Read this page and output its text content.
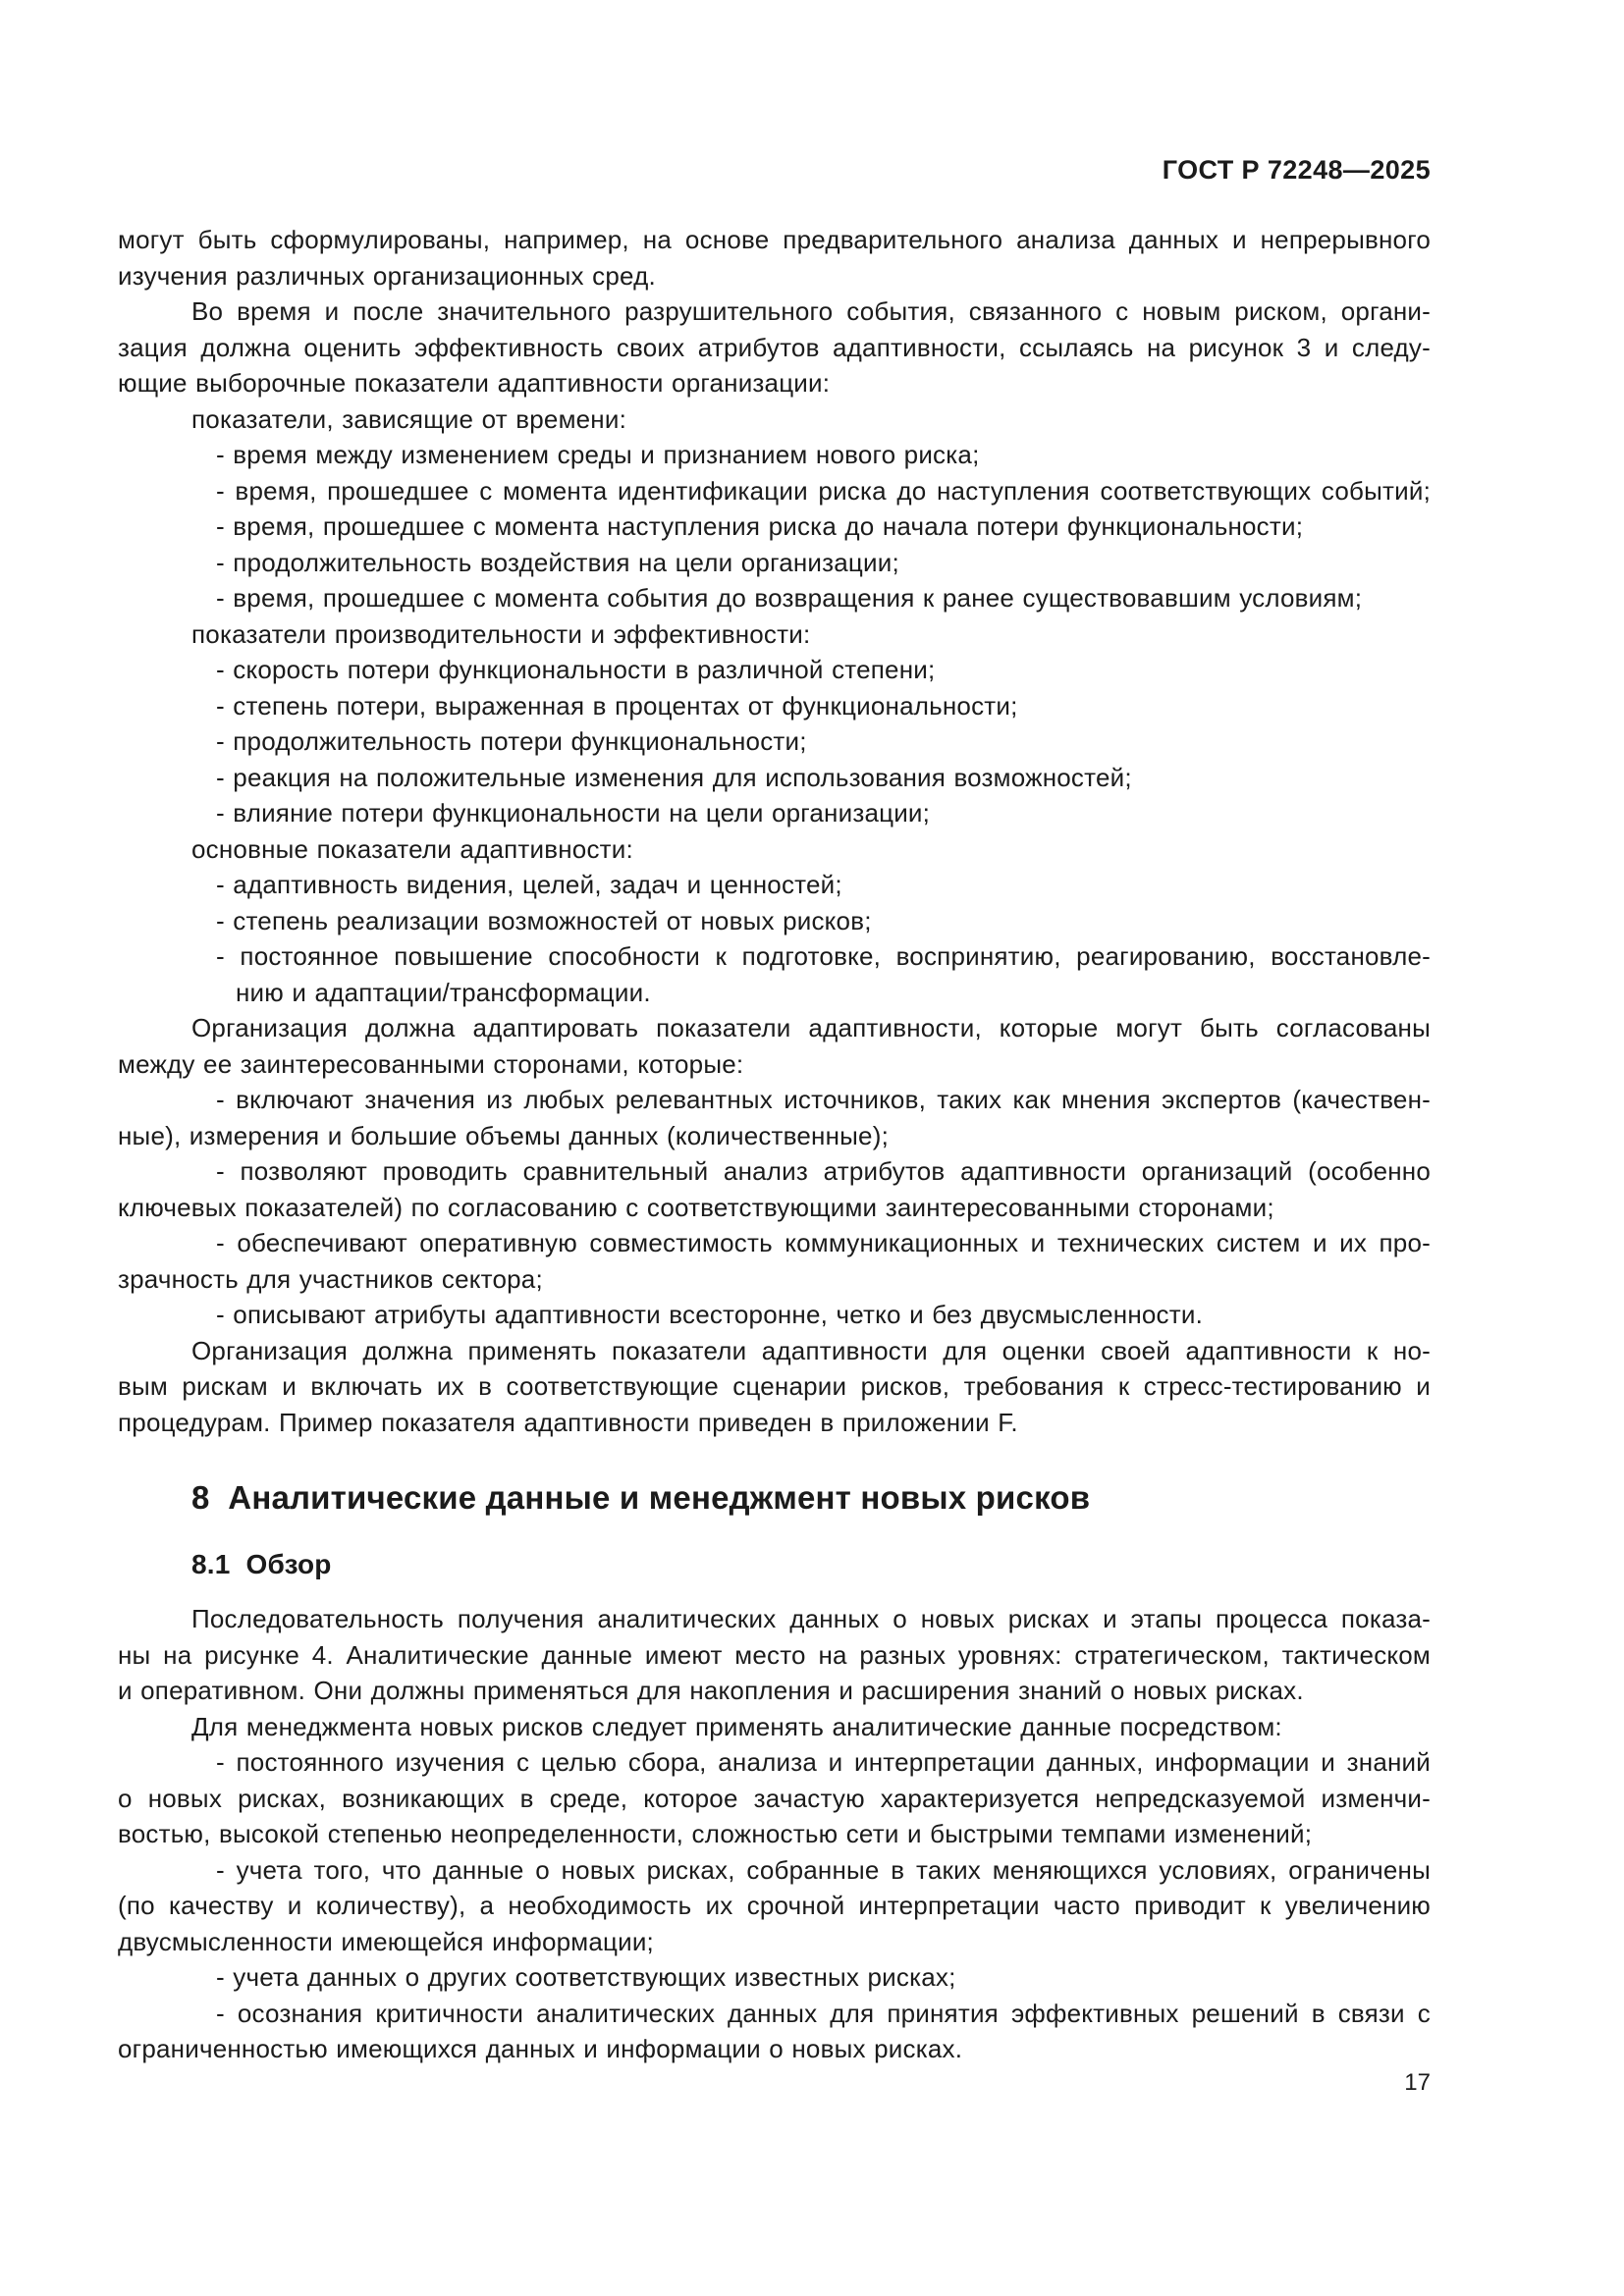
ГОСТ Р 72248—2025
могут быть сформулированы, например, на основе предварительного анализа данных и непрерывного
изучения различных организационных сред.
Во время и после значительного разрушительного события, связанного с новым риском, органи-
зация должна оценить эффективность своих атрибутов адаптивности, ссылаясь на рисунок 3 и следу-
ющие выборочные показатели адаптивности организации:
показатели, зависящие от времени:
- время между изменением среды и признанием нового риска;
- время, прошедшее с момента идентификации риска до наступления соответствующих событий;
- время, прошедшее с момента наступления риска до начала потери функциональности;
- продолжительность воздействия на цели организации;
- время, прошедшее с момента события до возвращения к ранее существовавшим условиям;
показатели производительности и эффективности:
- скорость потери функциональности в различной степени;
- степень потери, выраженная в процентах от функциональности;
- продолжительность потери функциональности;
- реакция на положительные изменения для использования возможностей;
- влияние потери функциональности на цели организации;
основные показатели адаптивности:
- адаптивность видения, целей, задач и ценностей;
- степень реализации возможностей от новых рисков;
- постоянное повышение способности к подготовке, воспринятию, реагированию, восстановле-
нию и адаптации/трансформации.
Организация должна адаптировать показатели адаптивности, которые могут быть согласованы
между ее заинтересованными сторонами, которые:
- включают значения из любых релевантных источников, таких как мнения экспертов (качествен-
ные), измерения и большие объемы данных (количественные);
- позволяют проводить сравнительный анализ атрибутов адаптивности организаций (особенно
ключевых показателей) по согласованию с соответствующими заинтересованными сторонами;
- обеспечивают оперативную совместимость коммуникационных и технических систем и их про-
зрачность для участников сектора;
- описывают атрибуты адаптивности всесторонне, четко и без двусмысленности.
Организация должна применять показатели адаптивности для оценки своей адаптивности к но-
вым рискам и включать их в соответствующие сценарии рисков, требования к стресс-тестированию и
процедурам. Пример показателя адаптивности приведен в приложении F.
8  Аналитические данные и менеджмент новых рисков
8.1  Обзор
Последовательность получения аналитических данных о новых рисках и этапы процесса показа-
ны на рисунке 4. Аналитические данные имеют место на разных уровнях: стратегическом, тактическом
и оперативном. Они должны применяться для накопления и расширения знаний о новых рисках.
Для менеджмента новых рисков следует применять аналитические данные посредством:
- постоянного изучения с целью сбора, анализа и интерпретации данных, информации и знаний
о новых рисках, возникающих в среде, которое зачастую характеризуется непредсказуемой изменчи-
востью, высокой степенью неопределенности, сложностью сети и быстрыми темпами изменений;
- учета того, что данные о новых рисках, собранные в таких меняющихся условиях, ограничены
(по качеству и количеству), а необходимость их срочной интерпретации часто приводит к увеличению
двусмысленности имеющейся информации;
- учета данных о других соответствующих известных рисках;
- осознания критичности аналитических данных для принятия эффективных решений в связи с
ограниченностью имеющихся данных и информации о новых рисках.
17
